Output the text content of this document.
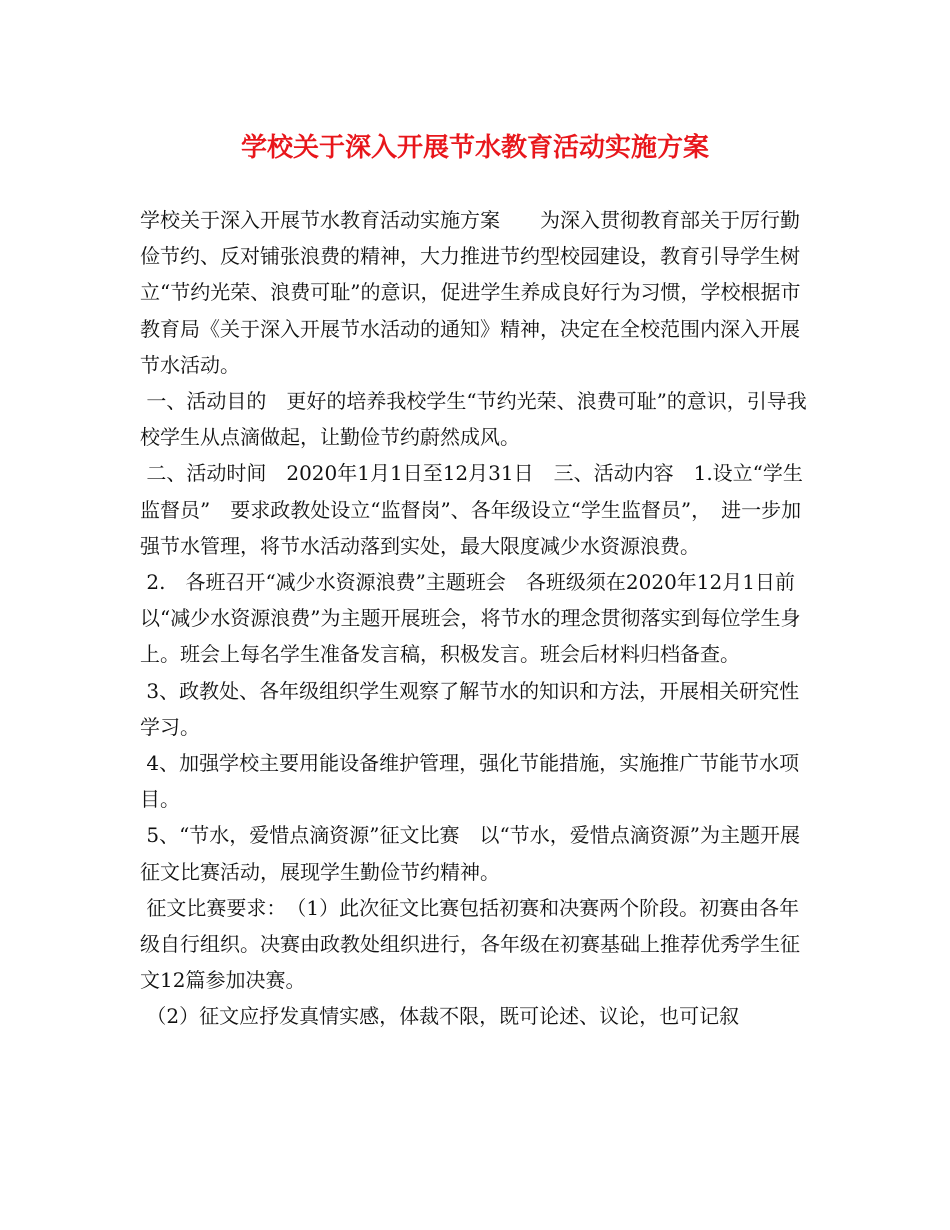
学校关于深入开展节水教育活动实施方案

学校关于深入开展节水教育活动实施方案　　为深入贯彻教育部关于厉行勤俭节约、反对铺张浪费的精神，大力推进节约型校园建设，教育引导学生树立“节约光荣、浪费可耻”的意识，促进学生养成良好行为习惯，学校根据市教育局《关于深入开展节水活动的通知》精神，决定在全校范围内深入开展节水活动。

一、活动目的　更好的培养我校学生“节约光荣、浪费可耻”的意识，引导我校学生从点滴做起，让勤俭节约蔚然成风。

二、活动时间　2020年1月1日至12月31日　三、活动内容　1.设立“学生监督员”　要求政教处设立“监督岗”、各年级设立“学生监督员”，　进一步加强节水管理，将节水活动落到实处，最大限度减少水资源浪费。

2.　各班召开“减少水资源浪费”主题班会　各班级须在2020年12月1日前以“减少水资源浪费”为主题开展班会，将节水的理念贯彻落实到每位学生身上。班会上每名学生准备发言稿，积极发言。班会后材料归档备查。

3、政教处、各年级组织学生观察了解节水的知识和方法，开展相关研究性学习。

4、加强学校主要用能设备维护管理，强化节能措施，实施推广节能节水项目。

5、“节水，爱惜点滴资源”征文比赛　以“节水，爱惜点滴资源”为主题开展征文比赛活动，展现学生勤俭节约精神。

征文比赛要求：　（1）此次征文比赛包括初赛和决赛两个阶段。初赛由各年级自行组织。决赛由政教处组织进行，各年级在初赛基础上推荐优秀学生征文12篇参加决赛。

（2）征文应抒发真情实感，体裁不限，既可论述、议论，也可记叙
